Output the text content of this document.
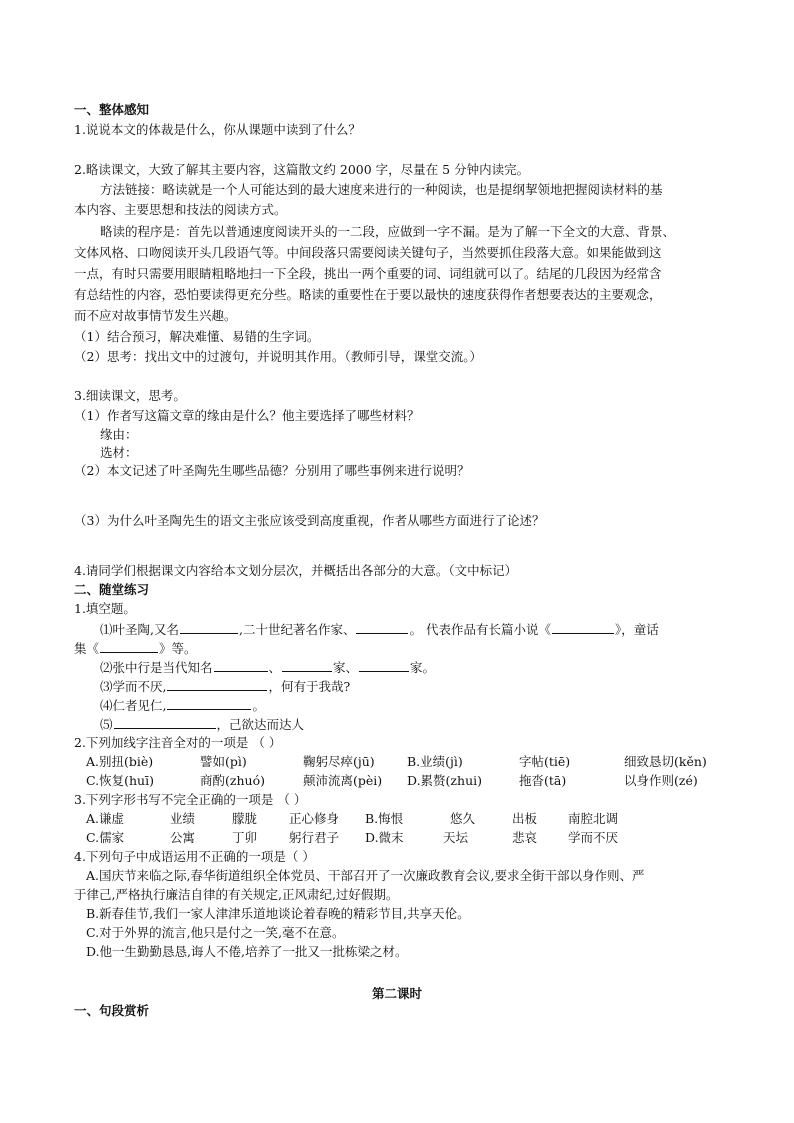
一、整体感知
1.说说本文的体裁是什么，你从课题中读到了什么？
2.略读课文，大致了解其主要内容，这篇散文约 2000 字，尽量在 5 分钟内读完。
方法链接：略读就是一个人可能达到的最大速度来进行的一种阅读，也是提纲挈领地把握阅读材料的基
本内容、主要思想和技法的阅读方式。
略读的程序是：首先以普通速度阅读开头的一二段，应做到一字不漏。是为了解一下全文的大意、背景、
文体风格、口吻阅读开头几段语气等。中间段落只需要阅读关键句子，当然要抓住段落大意。如果能做到这
一点，有时只需要用眼睛粗略地扫一下全段，挑出一两个重要的词、词组就可以了。结尾的几段因为经常含
有总结性的内容，恐怕要读得更充分些。略读的重要性在于要以最快的速度获得作者想要表达的主要观念，
而不应对故事情节发生兴趣。
（1）结合预习，解决难懂、易错的生字词。
（2）思考：找出文中的过渡句，并说明其作用。（教师引导，课堂交流。）
3.细读课文，思考。
（1）作者写这篇文章的缘由是什么？他主要选择了哪些材料？
缘由：
选材：
（2）本文记述了叶圣陶先生哪些品德？分别用了哪些事例来进行说明？
（3）为什么叶圣陶先生的语文主张应该受到高度重视，作者从哪些方面进行了论述？
4.请同学们根据课文内容给本文划分层次，并概括出各部分的大意。（文中标记）
二、随堂练习
1.填空题。
⑴叶圣陶,又名	,二十世纪著名作家、	。 代表作品有长篇小说《	》，童话
集《	》等。
⑵张中行是当代知名	、	家、	家。
⑶学而不厌,	，何有于我哉?
⑷仁者见仁,	。
⑸	，己欲达而达人
2.下列加线字注音全对的一项是 （ ）
A.别扭(biè)	譬如(pì)	鞠躬尽瘁(jū)	B.业绩(jì)	字帖(tiē)	细致恳切(kěn)
C.恢复(huī)	商酌(zhuó)	颠沛流离(pèi) D.累赘(zhui)	拖沓(tā)	以身作则(zé)
3.下列字形书写不完全正确的一项是 （ ）
A.谦虚	业绩	朦胧	正心修身 B.悔恨	悠久	出板 南腔北调
C.儒家	公寓	丁卯	躬行君子 D.微末	天坛	悲哀 学而不厌
4.下列句子中成语运用不正确的一项是（ ）
A.国庆节来临之际,春华街道组织全体党员、干部召开了一次廉政教育会议,要求全街干部以身作则、严
于律己,严格执行廉洁自律的有关规定,正风肃纪,过好假期。
B.新春佳节,我们一家人津津乐道地谈论着春晚的精彩节目,共享天伦。
C.对于外界的流言,他只是付之一笑,毫不在意。
D.他一生勤勤恳恳,诲人不倦,培养了一批又一批栋梁之材。
第二课时
一、句段赏析
